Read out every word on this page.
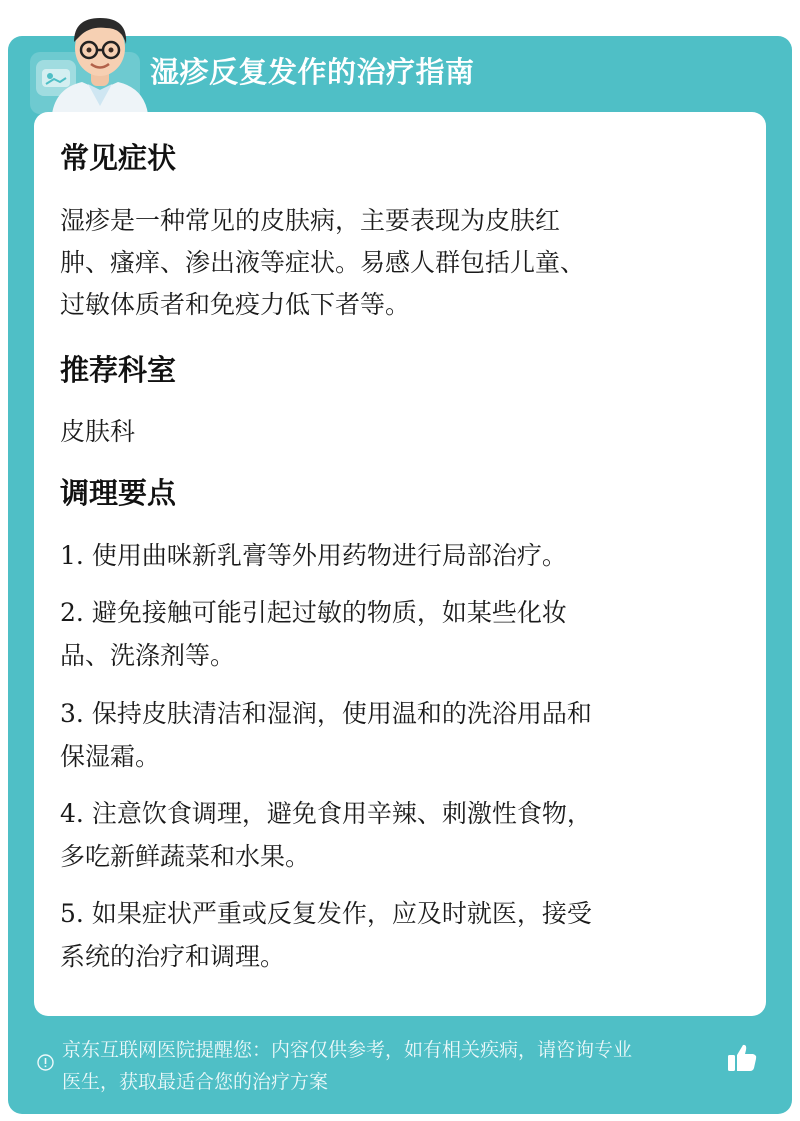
湿疹反复发作的治疗指南
常见症状
湿疹是一种常见的皮肤病，主要表现为皮肤红
肿、瘙痒、渗出液等症状。易感人群包括儿童、
过敏体质者和免疫力低下者等。
推荐科室
皮肤科
调理要点
1. 使用曲咪新乳膏等外用药物进行局部治疗。
2. 避免接触可能引起过敏的物质，如某些化妆
品、洗涤剂等。
3. 保持皮肤清洁和湿润，使用温和的洗浴用品和
保湿霜。
4. 注意饮食调理，避免食用辛辣、刺激性食物，
多吃新鲜蔬菜和水果。
5. 如果症状严重或反复发作，应及时就医，接受
系统的治疗和调理。
京东互联网医院提醒您：内容仅供参考，如有相关疾病，请咨询专业
医生，获取最适合您的治疗方案
